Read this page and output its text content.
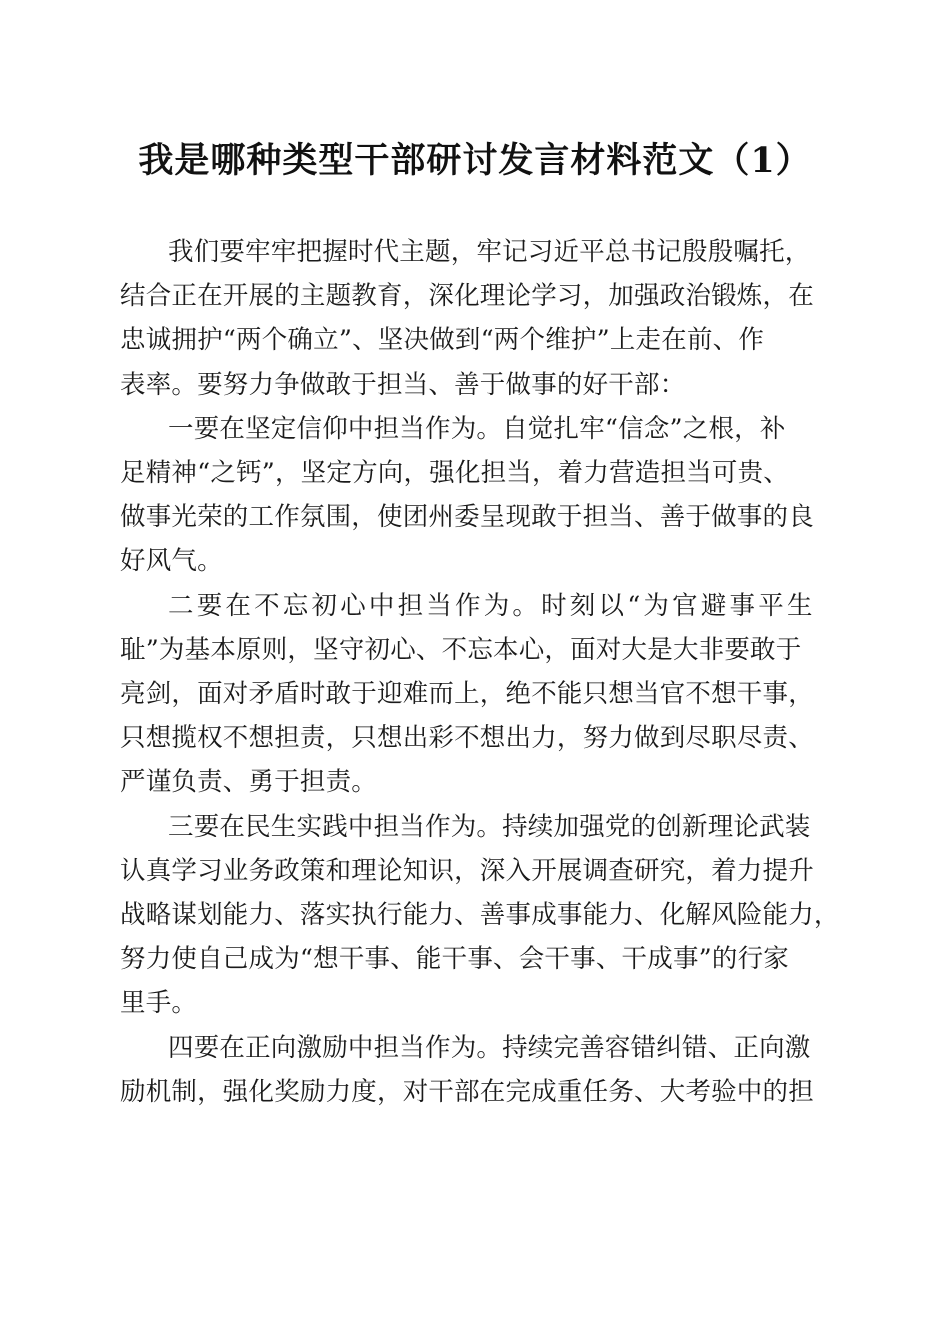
我是哪种类型干部研讨发言材料范文（1）

我们要牢牢把握时代主题，牢记习近平总书记殷殷嘱托，
结合正在开展的主题教育，深化理论学习，加强政治锻炼，在
忠诚拥护“两个确立”、坚决做到“两个维护”上走在前、作
表率。要努力争做敢于担当、善于做事的好干部：

一要在坚定信仰中担当作为。自觉扎牢“信念”之根，补
足精神“之钙”，坚定方向，强化担当，着力营造担当可贵、
做事光荣的工作氛围，使团州委呈现敢于担当、善于做事的良
好风气。

二要在不忘初心中担当作为。时刻以“为官避事平生
耻”为基本原则，坚守初心、不忘本心，面对大是大非要敢于
亮剑，面对矛盾时敢于迎难而上，绝不能只想当官不想干事，
只想揽权不想担责，只想出彩不想出力，努力做到尽职尽责、
严谨负责、勇于担责。

三要在民生实践中担当作为。持续加强党的创新理论武装
认真学习业务政策和理论知识，深入开展调查研究，着力提升
战略谋划能力、落实执行能力、善事成事能力、化解风险能力，
努力使自己成为“想干事、能干事、会干事、干成事”的行家
里手。

四要在正向激励中担当作为。持续完善容错纠错、正向激
励机制，强化奖励力度，对干部在完成重任务、大考验中的担
